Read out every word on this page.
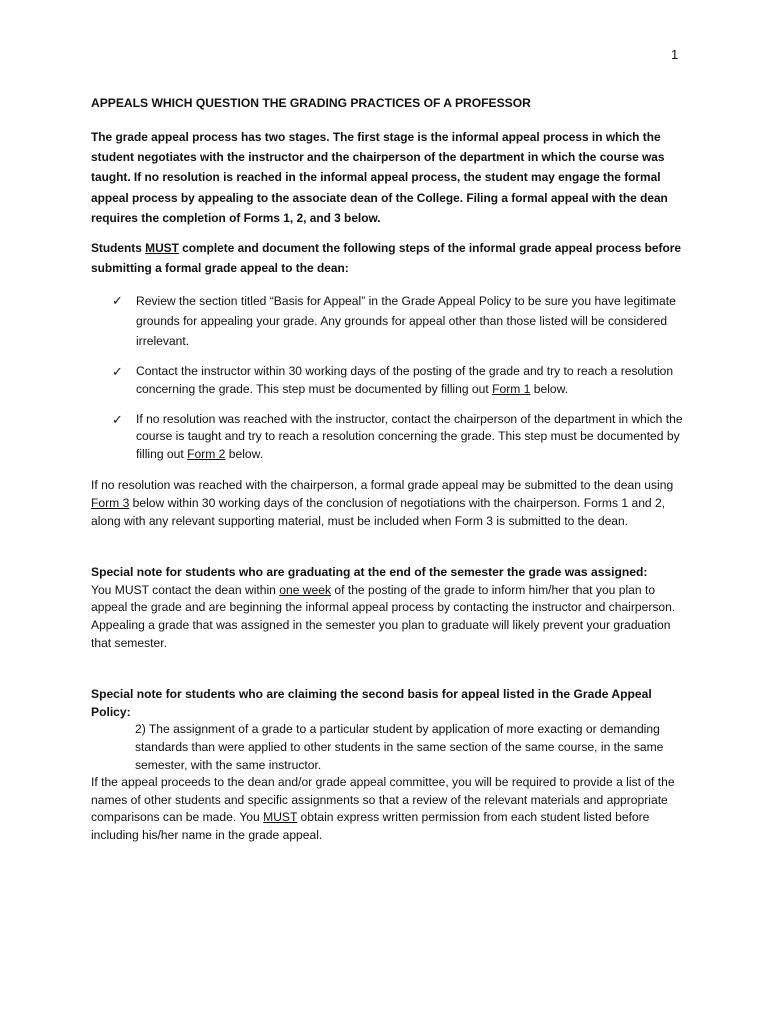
1

APPEALS WHICH QUESTION THE GRADING PRACTICES OF A PROFESSOR

The grade appeal process has two stages. The first stage is the informal appeal process in which the student negotiates with the instructor and the chairperson of the department in which the course was taught. If no resolution is reached in the informal appeal process, the student may engage the formal appeal process by appealing to the associate dean of the College. Filing a formal appeal with the dean requires the completion of Forms 1, 2, and 3 below.

Students MUST complete and document the following steps of the informal grade appeal process before submitting a formal grade appeal to the dean:

✓ Review the section titled “Basis for Appeal” in the Grade Appeal Policy to be sure you have legitimate grounds for appealing your grade. Any grounds for appeal other than those listed will be considered irrelevant.
✓ Contact the instructor within 30 working days of the posting of the grade and try to reach a resolution concerning the grade. This step must be documented by filling out Form 1 below.
✓ If no resolution was reached with the instructor, contact the chairperson of the department in which the course is taught and try to reach a resolution concerning the grade. This step must be documented by filling out Form 2 below.

If no resolution was reached with the chairperson, a formal grade appeal may be submitted to the dean using Form 3 below within 30 working days of the conclusion of negotiations with the chairperson. Forms 1 and 2, along with any relevant supporting material, must be included when Form 3 is submitted to the dean.

Special note for students who are graduating at the end of the semester the grade was assigned:
You MUST contact the dean within one week of the posting of the grade to inform him/her that you plan to appeal the grade and are beginning the informal appeal process by contacting the instructor and chairperson. Appealing a grade that was assigned in the semester you plan to graduate will likely prevent your graduation that semester.
Special note for students who are claiming the second basis for appeal listed in the Grade Appeal Policy:
2) The assignment of a grade to a particular student by application of more exacting or demanding standards than were applied to other students in the same section of the same course, in the same semester, with the same instructor.
If the appeal proceeds to the dean and/or grade appeal committee, you will be required to provide a list of the names of other students and specific assignments so that a review of the relevant materials and appropriate comparisons can be made. You MUST obtain express written permission from each student listed before including his/her name in the grade appeal.
